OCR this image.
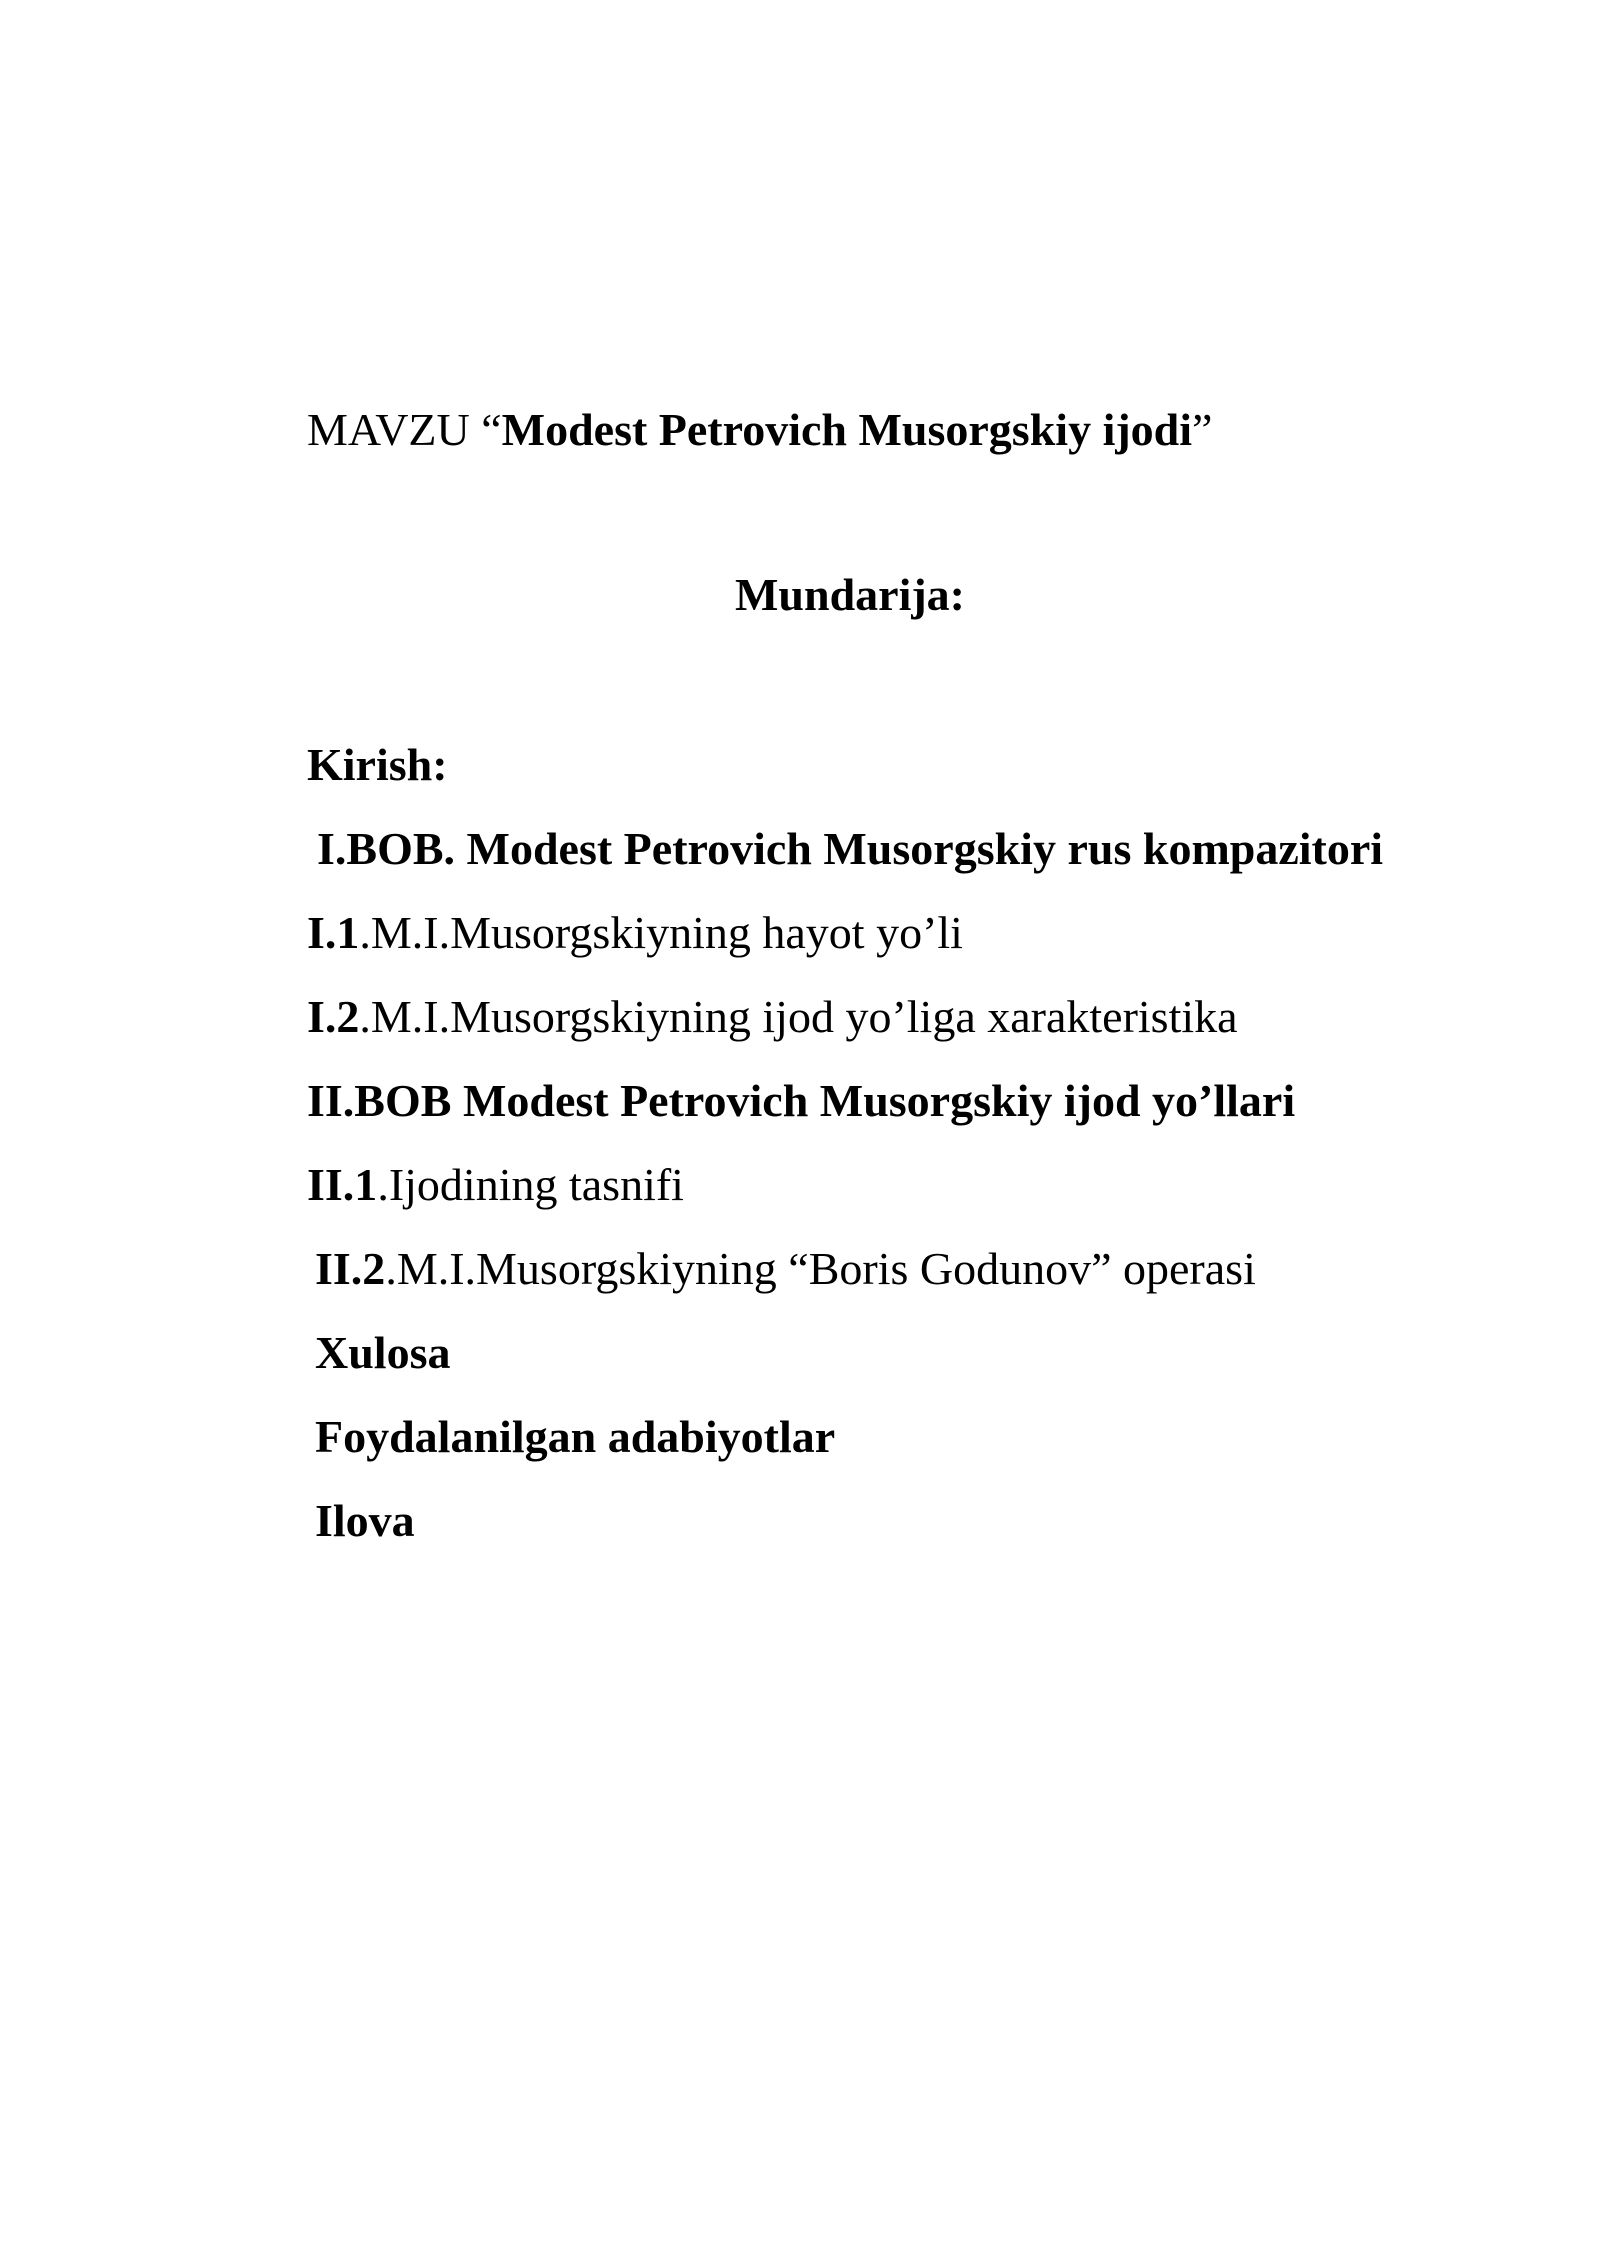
MAVZU “Modest Petrovich Musorgskiy ijodi”
Mundarija:
Kirish:
I.BOB. Modest Petrovich Musorgskiy rus kompazitori
I.1.M.I.Musorgskiyning hayot yo’li
I.2.M.I.Musorgskiyning ijod yo’liga xarakteristika
II.BOB Modest Petrovich Musorgskiy ijod yo’llari
II.1.Ijodining tasnifi
II.2.M.I.Musorgskiyning “Boris Godunov” operasi
Xulosa
Foydalanilgan adabiyotlar
Ilova
